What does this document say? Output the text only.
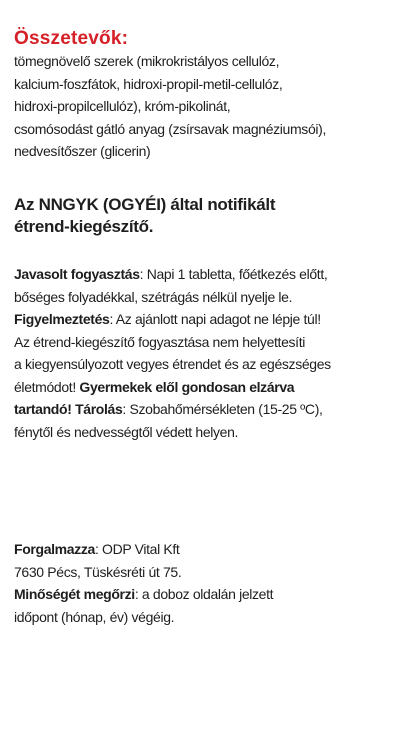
Összetevők:

tömegnövelő szerek (mikrokristályos cellulóz,
kalcium-foszfátok, hidroxi-propil-metil-cellulóz,
hidroxi-propilcellulóz), króm-pikolinát,
csomósodást gátló anyag (zsírsavak magnéziumsói),
nedvesítőszer (glicerin)

Az NNGYK (OGYÉI) által notifikált
étrend-kiegészítő.

Javasolt fogyasztás: Napi 1 tabletta, főétkezés előtt,
bőséges folyadékkal, szétrágás nélkül nyelje le.
Figyelmeztetés: Az ajánlott napi adagot ne lépje túl!
Az étrend-kiegészítő fogyasztása nem helyettesíti
a kiegyensúlyozott vegyes étrendet és az egészséges
életmódot! Gyermekek elől gondosan elzárva
tartandó! Tárolás: Szobahőmérsékleten (15-25 ºC),
fénytől és nedvességtől védett helyen.

Forgalmazza: ODP Vital Kft
7630 Pécs, Tüskésréti út 75.
Minőségét megőrzi: a doboz oldalán jelzett
időpont (hónap, év) végéig.
